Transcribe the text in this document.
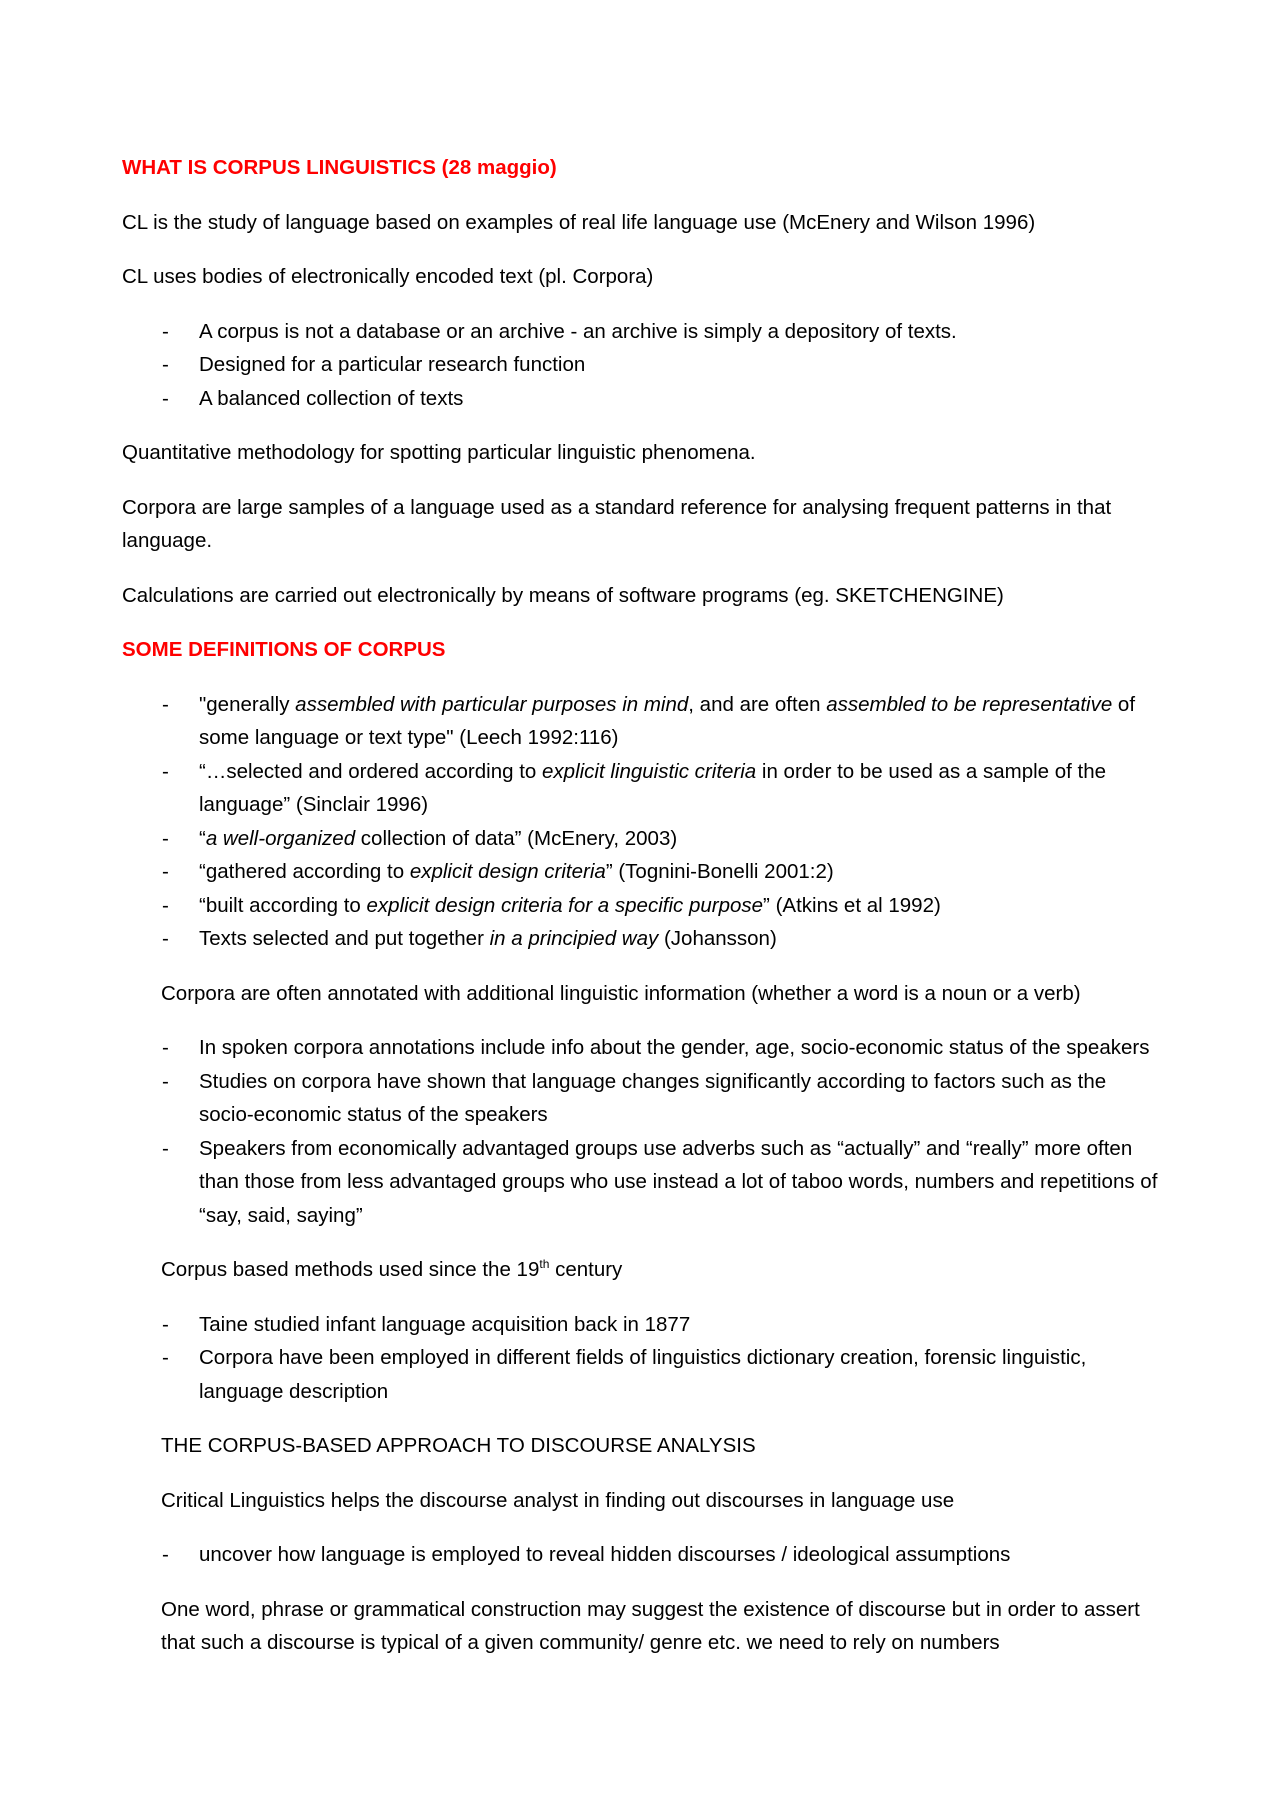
WHAT IS CORPUS LINGUISTICS (28 maggio)
CL is the study of language based on examples of real life language use (McEnery and Wilson 1996)
CL uses bodies of electronically encoded text (pl. Corpora)
- A corpus is not a database or an archive - an archive is simply a depository of texts.
- Designed for a particular research function
- A balanced collection of texts
Quantitative methodology for spotting particular linguistic phenomena.
Corpora are large samples of a language used as a standard reference for analysing frequent patterns in that language.
Calculations are carried out electronically by means of software programs (eg. SKETCHENGINE)
SOME DEFINITIONS OF CORPUS
- "generally assembled with particular purposes in mind, and are often assembled to be representative of some language or text type" (Leech 1992:116)
- “…selected and ordered according to explicit linguistic criteria in order to be used as a sample of the language” (Sinclair 1996)
- “a well-organized collection of data” (McEnery, 2003)
- “gathered according to explicit design criteria” (Tognini-Bonelli 2001:2)
- “built according to explicit design criteria for a specific purpose” (Atkins et al 1992)
- Texts selected and put together in a principied way (Johansson)
Corpora are often annotated with additional linguistic information (whether a word is a noun or a verb)
- In spoken corpora annotations include info about the gender, age, socio-economic status of the speakers
- Studies on corpora have shown that language changes significantly according to factors such as the socio-economic status of the speakers
- Speakers from economically advantaged groups use adverbs such as “actually” and “really” more often than those from less advantaged groups who use instead a lot of taboo words, numbers and repetitions of “say, said, saying”
Corpus based methods used since the 19th century
- Taine studied infant language acquisition back in 1877
- Corpora have been employed in different fields of linguistics dictionary creation, forensic linguistic, language description
THE CORPUS-BASED APPROACH TO DISCOURSE ANALYSIS
Critical Linguistics helps the discourse analyst in finding out discourses in language use
- uncover how language is employed to reveal hidden discourses / ideological assumptions
One word, phrase or grammatical construction may suggest the existence of discourse but in order to assert that such a discourse is typical of a given community/ genre etc. we need to rely on numbers
